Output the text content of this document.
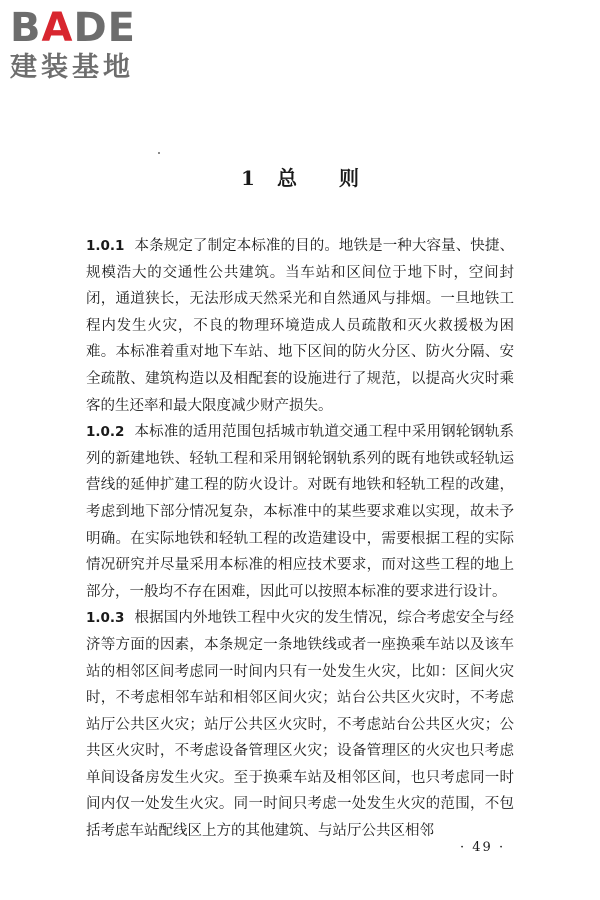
BADE
建装基地
1 总 则

1.0.1 本条规定了制定本标准的目的。地铁是一种大容量、快捷、规模浩大的交通性公共建筑。当车站和区间位于地下时，空间封闭，通道狭长，无法形成天然采光和自然通风与排烟。一旦地铁工程内发生火灾，不良的物理环境造成人员疏散和灭火救援极为困难。本标准着重对地下车站、地下区间的防火分区、防火分隔、安全疏散、建筑构造以及相配套的设施进行了规范，以提高火灾时乘客的生还率和最大限度减少财产损失。

1.0.2 本标准的适用范围包括城市轨道交通工程中采用钢轮钢轨系列的新建地铁、轻轨工程和采用钢轮钢轨系列的既有地铁或轻轨运营线的延伸扩建工程的防火设计。对既有地铁和轻轨工程的改建，考虑到地下部分情况复杂，本标准中的某些要求难以实现，故未予明确。在实际地铁和轻轨工程的改造建设中，需要根据工程的实际情况研究并尽量采用本标准的相应技术要求，而对这些工程的地上部分，一般均不存在困难，因此可以按照本标准的要求进行设计。

1.0.3 根据国内外地铁工程中火灾的发生情况，综合考虑安全与经济等方面的因素，本条规定一条地铁线或者一座换乘车站以及该车站的相邻区间考虑同一时间内只有一处发生火灾，比如：区间火灾时，不考虑相邻车站和相邻区间火灾；站台公共区火灾时，不考虑站厅公共区火灾；站厅公共区火灾时，不考虑站台公共区火灾；公共区火灾时，不考虑设备管理区火灾；设备管理区的火灾也只考虑单间设备房发生火灾。至于换乘车站及相邻区间，也只考虑同一时间内仅一处发生火灾。同一时间只考虑一处发生火灾的范围，不包括考虑车站配线区上方的其他建筑、与站厅公共区相邻

· 49 ·
